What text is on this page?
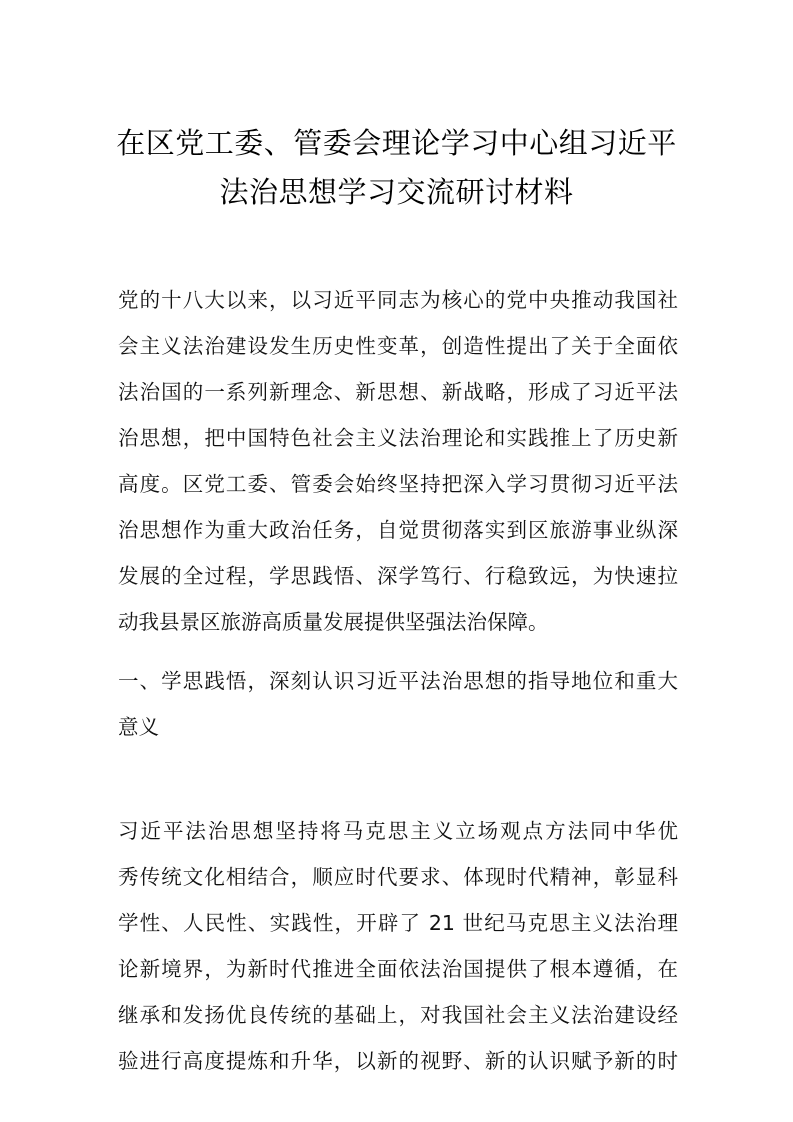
在区党工委、管委会理论学习中心组习近平
法治思想学习交流研讨材料
党的十八大以来，以习近平同志为核心的党中央推动我国社
会主义法治建设发生历史性变革，创造性提出了关于全面依
法治国的一系列新理念、新思想、新战略，形成了习近平法
治思想，把中国特色社会主义法治理论和实践推上了历史新
高度。区党工委、管委会始终坚持把深入学习贯彻习近平法
治思想作为重大政治任务，自觉贯彻落实到区旅游事业纵深
发展的全过程，学思践悟、深学笃行、行稳致远，为快速拉
动我县景区旅游高质量发展提供坚强法治保障。
一、学思践悟，深刻认识习近平法治思想的指导地位和重大
意义
习近平法治思想坚持将马克思主义立场观点方法同中华优
秀传统文化相结合，顺应时代要求、体现时代精神，彰显科
学性、人民性、实践性，开辟了 21 世纪马克思主义法治理
论新境界，为新时代推进全面依法治国提供了根本遵循，在
继承和发扬优良传统的基础上，对我国社会主义法治建设经
验进行高度提炼和升华，以新的视野、新的认识赋予新的时
